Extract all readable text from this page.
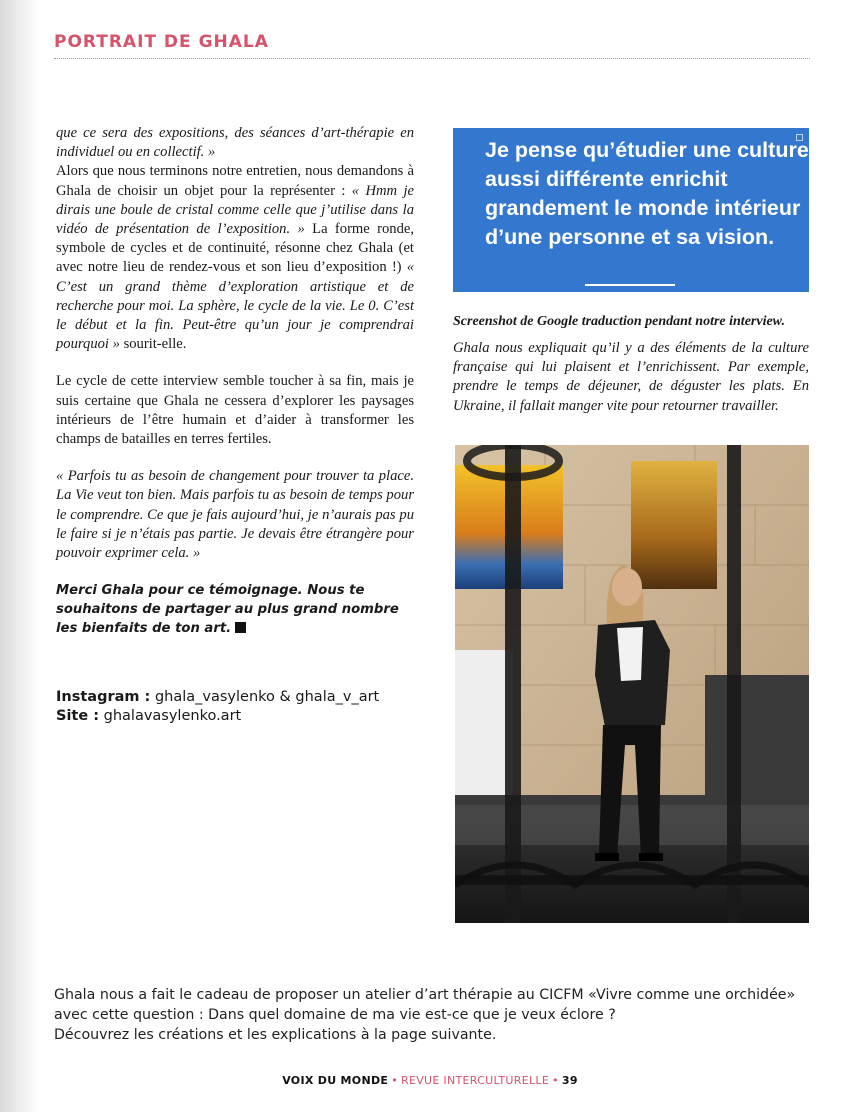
PORTRAIT DE GHALA

que ce sera des expositions, des séances d’art-thérapie en individuel ou en collectif. »

Alors que nous terminons notre entretien, nous demandons à Ghala de choisir un objet pour la représenter : « Hmm je dirais une boule de cristal comme celle que j’utilise dans la vidéo de présentation de l’exposition. » La forme ronde, symbole de cycles et de continuité, résonne chez Ghala (et avec notre lieu de rendez-vous et son lieu d’exposition !) « C’est un grand thème d’exploration artistique et de recherche pour moi. La sphère, le cycle de la vie. Le 0. C’est le début et la fin. Peut-être qu’un jour je comprendrai pourquoi » sourit-elle.

Le cycle de cette interview semble toucher à sa fin, mais je suis certaine que Ghala ne cessera d’explorer les paysages intérieurs de l’être humain et d’aider à transformer les champs de batailles en terres fertiles.

« Parfois tu as besoin de changement pour trouver ta place. La Vie veut ton bien. Mais parfois tu as besoin de temps pour le comprendre. Ce que je fais aujourd’hui, je n’aurais pas pu le faire si je n’étais pas partie. Je devais être étrangère pour pouvoir exprimer cela. »

Merci Ghala pour ce témoignage. Nous te souhaitons de partager au plus grand nombre les bienfaits de ton art.

Instagram : ghala_vasylenko & ghala_v_art
Site : ghalavasylenko.art
Je pense qu’étudier une culture aussi différente enrichit grandement le monde intérieur d’une personne et sa vision.

Screenshot de Google traduction pendant notre interview.

Ghala nous expliquait qu’il y a des éléments de la culture française qui lui plaisent et l’enrichissent. Par exemple, prendre le temps de déjeuner, de déguster les plats. En Ukraine, il fallait manger vite pour retourner travailler.

Ghala nous a fait le cadeau de proposer un atelier d’art thérapie au CICFM «Vivre comme une orchidée» avec cette question : Dans quel domaine de ma vie est-ce que je veux éclore ?

Découvrez les créations et les explications à la page suivante.

VOIX DU MONDE • REVUE INTERCULTURELLE • 39
